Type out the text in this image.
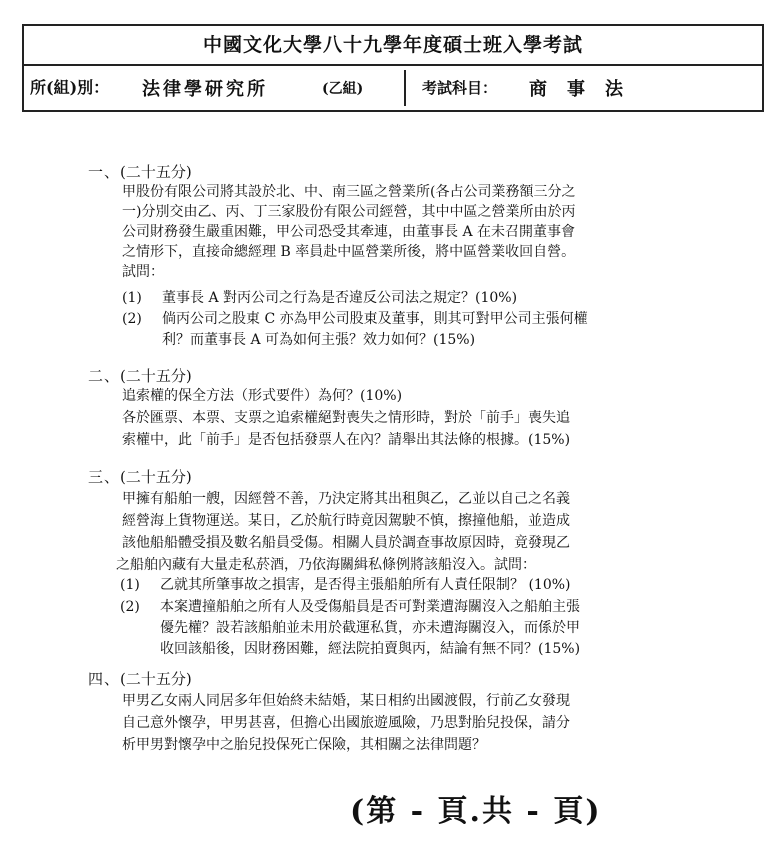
中國文化大學八十九學年度碩士班入學考試
所(組)別： 法律學研究所	(乙組)	考試科目： 商事法
一、(二十五分)
甲股份有限公司將其設於北、中、南三區之營業所(各占公司業務額三分之
一)分別交由乙、丙、丁三家股份有限公司經營，其中中區之營業所由於丙
公司財務發生嚴重困難，甲公司恐受其牽連，由董事長 A 在未召開董事會
之情形下，直接命總經理 B 率員赴中區營業所後，將中區營業收回自營。
試問：
(1) 董事長 A 對丙公司之行為是否違反公司法之規定？(10%)
(2) 倘丙公司之股東 C 亦為甲公司股東及董事，則其可對甲公司主張何權
利？而董事長 A 可為如何主張？效力如何？(15%)
二、(二十五分)
追索權的保全方法（形式要件）為何？(10%)
各於匯票、本票、支票之追索權絕對喪失之情形時，對於「前手」喪失追
索權中，此「前手」是否包括發票人在內？請舉出其法條的根據。(15%)
三、(二十五分)
甲擁有船舶一艘，因經營不善，乃決定將其出租與乙，乙並以自己之名義
經營海上貨物運送。某日，乙於航行時竟因駕駛不慎，擦撞他船，並造成
該他船船體受損及數名船員受傷。相關人員於調查事故原因時，竟發現乙
之船舶內藏有大量走私菸酒，乃依海關緝私條例將該船沒入。試問：
(1) 乙就其所肇事故之損害，是否得主張船舶所有人責任限制？ (10%)
(2) 本案遭撞船舶之所有人及受傷船員是否可對業遭海關沒入之船舶主張
優先權？設若該船舶並未用於截運私貨，亦未遭海關沒入，而係於甲
收回該船後，因財務困難，經法院拍賣與丙，結論有無不同？(15%)
四、(二十五分)
甲男乙女兩人同居多年但始終未結婚，某日相約出國渡假，行前乙女發現
自己意外懷孕，甲男甚喜，但擔心出國旅遊風險，乃思對胎兒投保，請分
析甲男對懷孕中之胎兒投保死亡保險，其相關之法律問題？
(第 - 頁.共 - 頁)
